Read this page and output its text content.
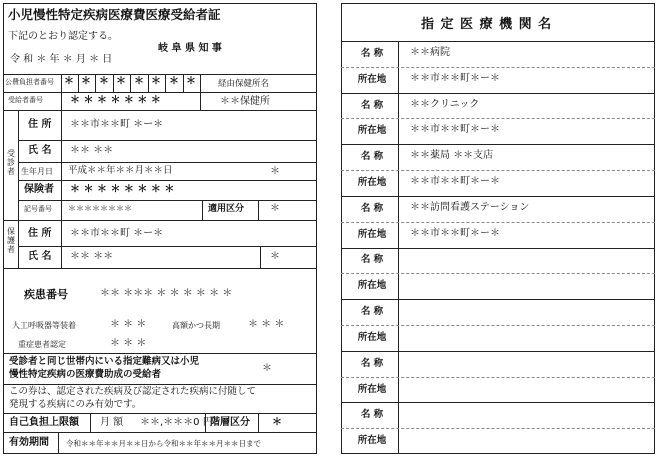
小児慢性特定疾病医療費医療受給者証
下記のとおり認定する。
令 和 ＊ 年 ＊ 月 ＊ 日
岐 阜 県 知 事
公費負担者番号 ＊ ＊ ＊ ＊ ＊ ＊ ＊ ＊	経由保健所名
受給者番号	＊ ＊ ＊ ＊ ＊ ＊ ＊	＊＊保健所
受診者
住 所 ＊＊市＊＊町 ＊ー＊
氏 名 ＊＊ ＊＊
生年月日 平成＊＊年＊＊月＊＊日	＊
保険者 ＊ ＊ ＊ ＊ ＊ ＊ ＊ ＊
記号番号 ＊＊＊＊＊＊＊＊	適用区分	＊
保護者
住 所 ＊＊市＊＊町 ＊ー＊
氏 名 ＊＊ ＊＊	＊
疾患番号	＊＊ ＊＊＊ ＊ ＊ ＊ ＊ ＊ ＊
人工呼吸器等装着	＊ ＊ ＊	高額かつ長期	＊ ＊ ＊
重症患者認定	＊ ＊ ＊
受診者と同じ世帯内にいる指定難病又は小児
慢性特定疾病の医療費助成の受給者
＊
この券は、認定された疾病及び認定された疾病に付随して
発現する疾病にのみ有効です。
自己負担上限額 月 額 ＊＊,＊＊＊0 円
階層区分 ＊
有効期間 令和＊＊年＊＊月＊＊日から令和＊＊年＊＊月＊＊日まで
指 定 医 療 機 関 名
名 称	＊＊病院
所在地	＊＊市＊＊町＊ー＊
名 称	＊＊クリニック
所在地	＊＊市＊＊町＊ー＊
名 称	＊＊薬局 ＊＊支店
所在地	＊＊市＊＊町＊ー＊
名 称	＊＊訪問看護ステーション
所在地	＊＊市＊＊町＊ー＊
名 称
所在地
名 称
所在地
名 称
所在地
名 称
所在地
